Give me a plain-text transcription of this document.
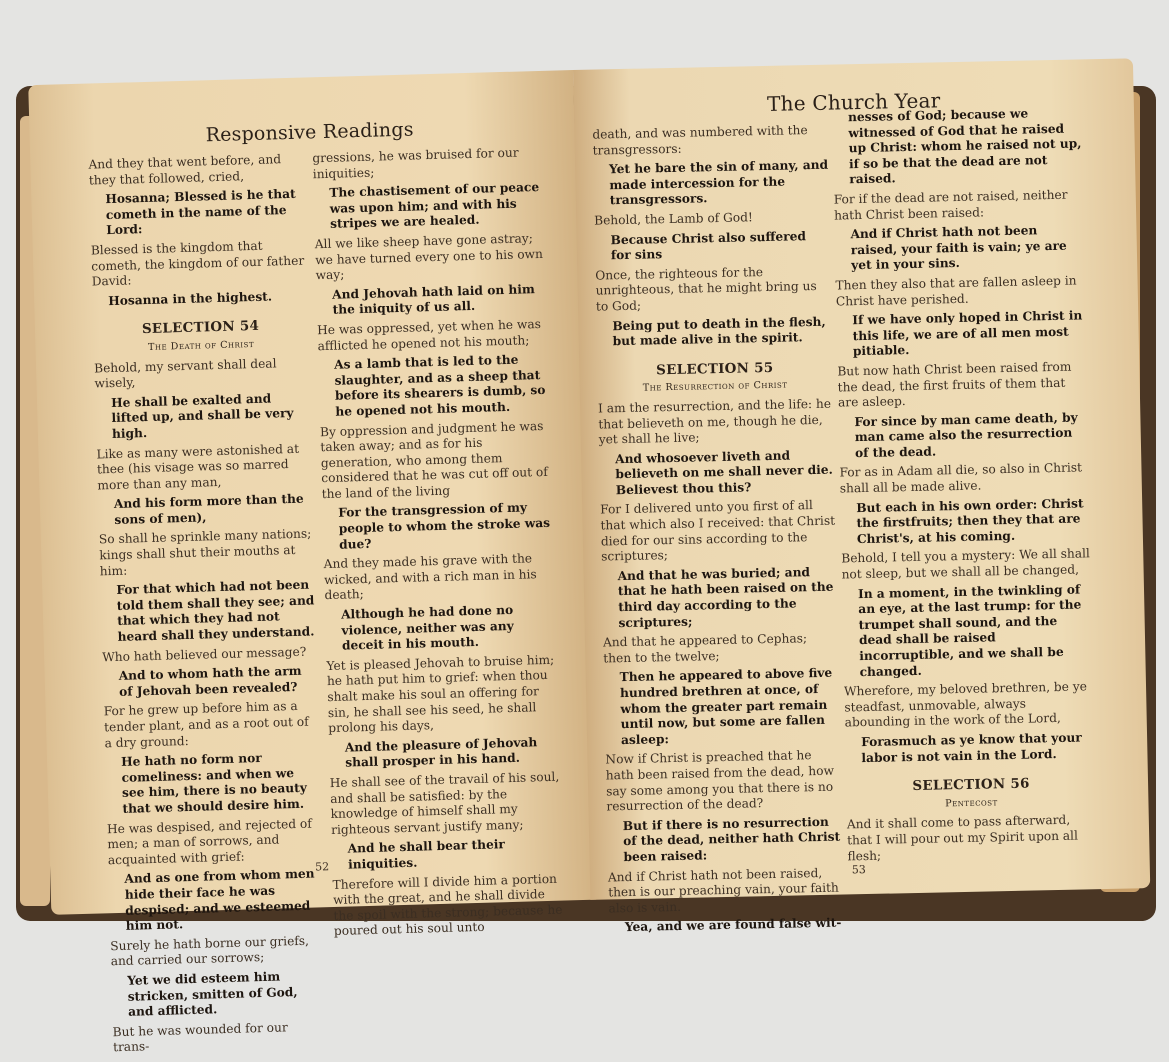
Responsive Readings
And they that went before, and they that followed, cried,
Hosanna; Blessed is he that cometh in the name of the Lord:
Blessed is the kingdom that cometh, the kingdom of our father David:
Hosanna in the highest.
SELECTION 54
The Death of Christ
Behold, my servant shall deal wisely,
He shall be exalted and lifted up, and shall be very high.
Like as many were astonished at thee (his visage was so marred more than any man,
And his form more than the sons of men),
So shall he sprinkle many nations; kings shall shut their mouths at him:
For that which had not been told them shall they see; and that which they had not heard shall they understand.
Who hath believed our message?
And to whom hath the arm of Jehovah been revealed?
For he grew up before him as a tender plant, and as a root out of a dry ground:
He hath no form nor comeliness: and when we see him, there is no beauty that we should desire him.
He was despised, and rejected of men; a man of sorrows, and acquainted with grief:
And as one from whom men hide their face he was despised; and we esteemed him not.
Surely he hath borne our griefs, and carried our sorrows;
Yet we did esteem him stricken, smitten of God, and afflicted.
But he was wounded for our trans-
gressions, he was bruised for our iniquities;
The chastisement of our peace was upon him; and with his stripes we are healed.
All we like sheep have gone astray; we have turned every one to his own way;
And Jehovah hath laid on him the iniquity of us all.
He was oppressed, yet when he was afflicted he opened not his mouth;
As a lamb that is led to the slaughter, and as a sheep that before its shearers is dumb, so he opened not his mouth.
By oppression and judgment he was taken away; and as for his generation, who among them considered that he was cut off out of the land of the living
For the transgression of my people to whom the stroke was due?
And they made his grave with the wicked, and with a rich man in his death;
Although he had done no violence, neither was any deceit in his mouth.
Yet is pleased Jehovah to bruise him; he hath put him to grief: when thou shalt make his soul an offering for sin, he shall see his seed, he shall prolong his days,
And the pleasure of Jehovah shall prosper in his hand.
He shall see of the travail of his soul, and shall be satisfied: by the knowledge of himself shall my righteous servant justify many;
And he shall bear their iniquities.
Therefore will I divide him a portion with the great, and he shall divide the spoil with the strong; because he poured out his soul unto
52
The Church Year
death, and was numbered with the transgressors:
Yet he bare the sin of many, and made intercession for the transgressors.
Behold, the Lamb of God!
Because Christ also suffered for sins
Once, the righteous for the unrighteous, that he might bring us to God;
Being put to death in the flesh, but made alive in the spirit.
SELECTION 55
The Resurrection of Christ
I am the resurrection, and the life: he that believeth on me, though he die, yet shall he live;
And whosoever liveth and believeth on me shall never die. Believest thou this?
For I delivered unto you first of all that which also I received: that Christ died for our sins according to the scriptures;
And that he was buried; and that he hath been raised on the third day according to the scriptures;
And that he appeared to Cephas; then to the twelve;
Then he appeared to above five hundred brethren at once, of whom the greater part remain until now, but some are fallen asleep:
Now if Christ is preached that he hath been raised from the dead, how say some among you that there is no resurrection of the dead?
But if there is no resurrection of the dead, neither hath Christ been raised:
And if Christ hath not been raised, then is our preaching vain, your faith also is vain.
Yea, and we are found false wit-
nesses of God; because we witnessed of God that he raised up Christ: whom he raised not up, if so be that the dead are not raised.
For if the dead are not raised, neither hath Christ been raised:
And if Christ hath not been raised, your faith is vain; ye are yet in your sins.
Then they also that are fallen asleep in Christ have perished.
If we have only hoped in Christ in this life, we are of all men most pitiable.
But now hath Christ been raised from the dead, the first fruits of them that are asleep.
For since by man came death, by man came also the resurrection of the dead.
For as in Adam all die, so also in Christ shall all be made alive.
But each in his own order: Christ the firstfruits; then they that are Christ's, at his coming.
Behold, I tell you a mystery: We all shall not sleep, but we shall all be changed,
In a moment, in the twinkling of an eye, at the last trump: for the trumpet shall sound, and the dead shall be raised incorruptible, and we shall be changed.
Wherefore, my beloved brethren, be ye steadfast, unmovable, always abounding in the work of the Lord,
Forasmuch as ye know that your labor is not vain in the Lord.
SELECTION 56
Pentecost
And it shall come to pass afterward, that I will pour out my Spirit upon all flesh;
53
